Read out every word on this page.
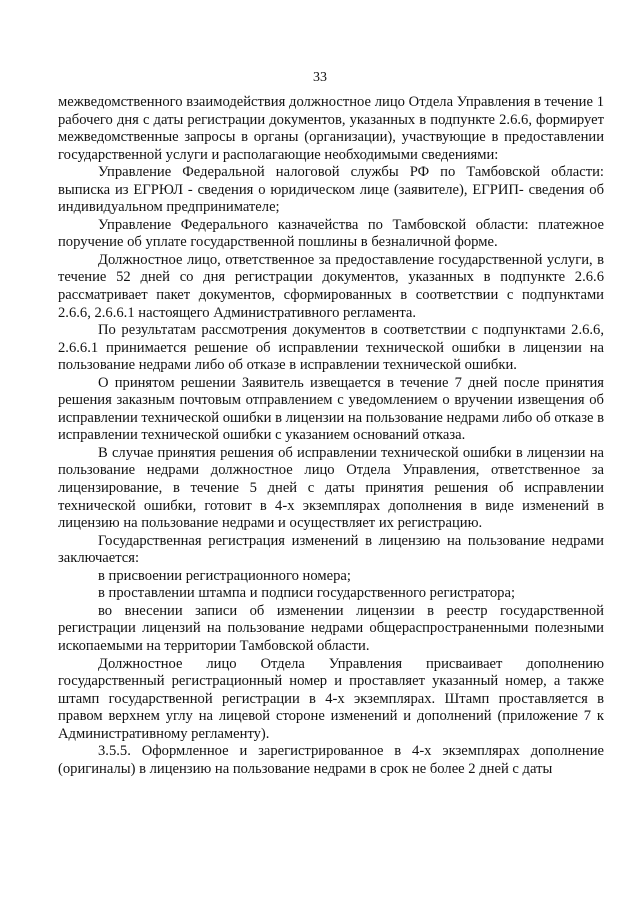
33

межведомственного взаимодействия должностное лицо Отдела Управления в течение 1 рабочего дня с даты регистрации документов, указанных в подпункте 2.6.6, формирует межведомственные запросы в органы (организации), участвующие в предоставлении государственной услуги и располагающие необходимыми сведениями:

Управление Федеральной налоговой службы РФ по Тамбовской области: выписка из ЕГРЮЛ - сведения о юридическом лице (заявителе), ЕГРИП- сведения об индивидуальном предпринимателе;

Управление Федерального казначейства по Тамбовской области: платежное поручение об уплате государственной пошлины в безналичной форме.

Должностное лицо, ответственное за предоставление государственной услуги, в течение 52 дней со дня регистрации документов, указанных в подпункте 2.6.6 рассматривает пакет документов, сформированных в соответствии с подпунктами 2.6.6, 2.6.6.1 настоящего Административного регламента.

По результатам рассмотрения документов в соответствии с подпунктами 2.6.6, 2.6.6.1 принимается решение об исправлении технической ошибки в лицензии на пользование недрами либо об отказе в исправлении технической ошибки.

О принятом решении Заявитель извещается в течение 7 дней после принятия решения заказным почтовым отправлением с уведомлением о вручении извещения об исправлении технической ошибки в лицензии на пользование недрами либо об отказе в исправлении технической ошибки с указанием оснований отказа.

В случае принятия решения об исправлении технической ошибки в лицензии на пользование недрами должностное лицо Отдела Управления, ответственное за лицензирование, в течение 5 дней с даты принятия решения об исправлении технической ошибки, готовит в 4-х экземплярах дополнения в виде изменений в лицензию на пользование недрами и осуществляет их регистрацию.

Государственная регистрация изменений в лицензию на пользование недрами заключается:

в присвоении регистрационного номера;

в проставлении штампа и подписи государственного регистратора;

во внесении записи об изменении лицензии в реестр государственной регистрации лицензий на пользование недрами общераспространенными полезными ископаемыми на территории Тамбовской области.

Должностное лицо Отдела Управления присваивает дополнению государственный регистрационный номер и проставляет указанный номер, а также штамп государственной регистрации в 4-х экземплярах. Штамп проставляется в правом верхнем углу на лицевой стороне изменений и дополнений (приложение 7 к Административному регламенту).

3.5.5. Оформленное и зарегистрированное в 4-х экземплярах дополнение (оригиналы) в лицензию на пользование недрами в срок не более 2 дней с даты
